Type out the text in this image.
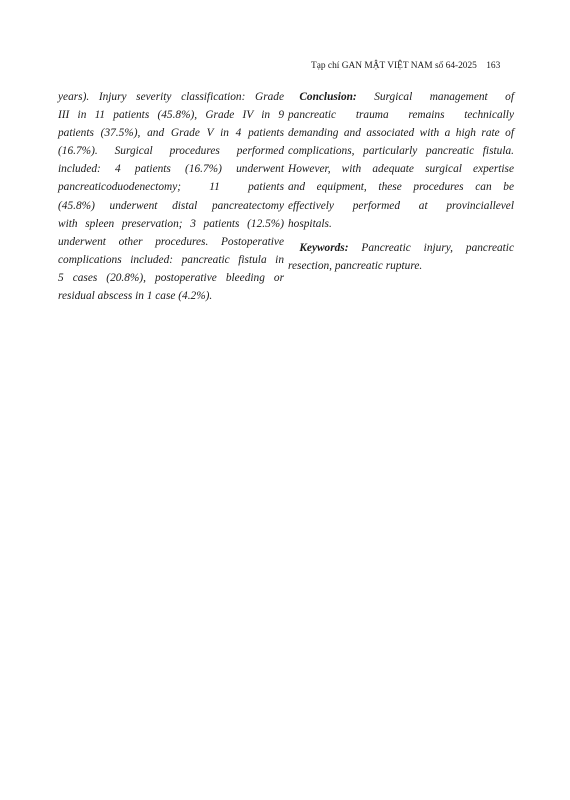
Tạp chí GAN MẬT VIỆT NAM số 64-2025 163
years). Injury severity classification: Grade
III in 11 patients (45.8%), Grade IV in 9
patients (37.5%), and Grade V in 4 patients
(16.7%). Surgical procedures performed
included: 4 patients (16.7%) underwent
pancreaticoduodenectomy; 11 patients
(45.8%) underwent distal pancreatectomy
with spleen preservation; 3 patients (12.5%)
underwent other procedures. Postoperative
complications included: pancreatic fistula in
5 cases (20.8%), postoperative bleeding or
residual abscess in 1 case (4.2%).
 Conclusion: Surgical management of
pancreatic trauma remains technically
demanding and associated with a high rate of
complications, particularly pancreatic fistula.
However, with adequate surgical expertise
and equipment, these procedures can be
effectively performed at provinciallevel
hospitals.
 Keywords: Pancreatic injury, pancreatic
resection, pancreatic rupture.
